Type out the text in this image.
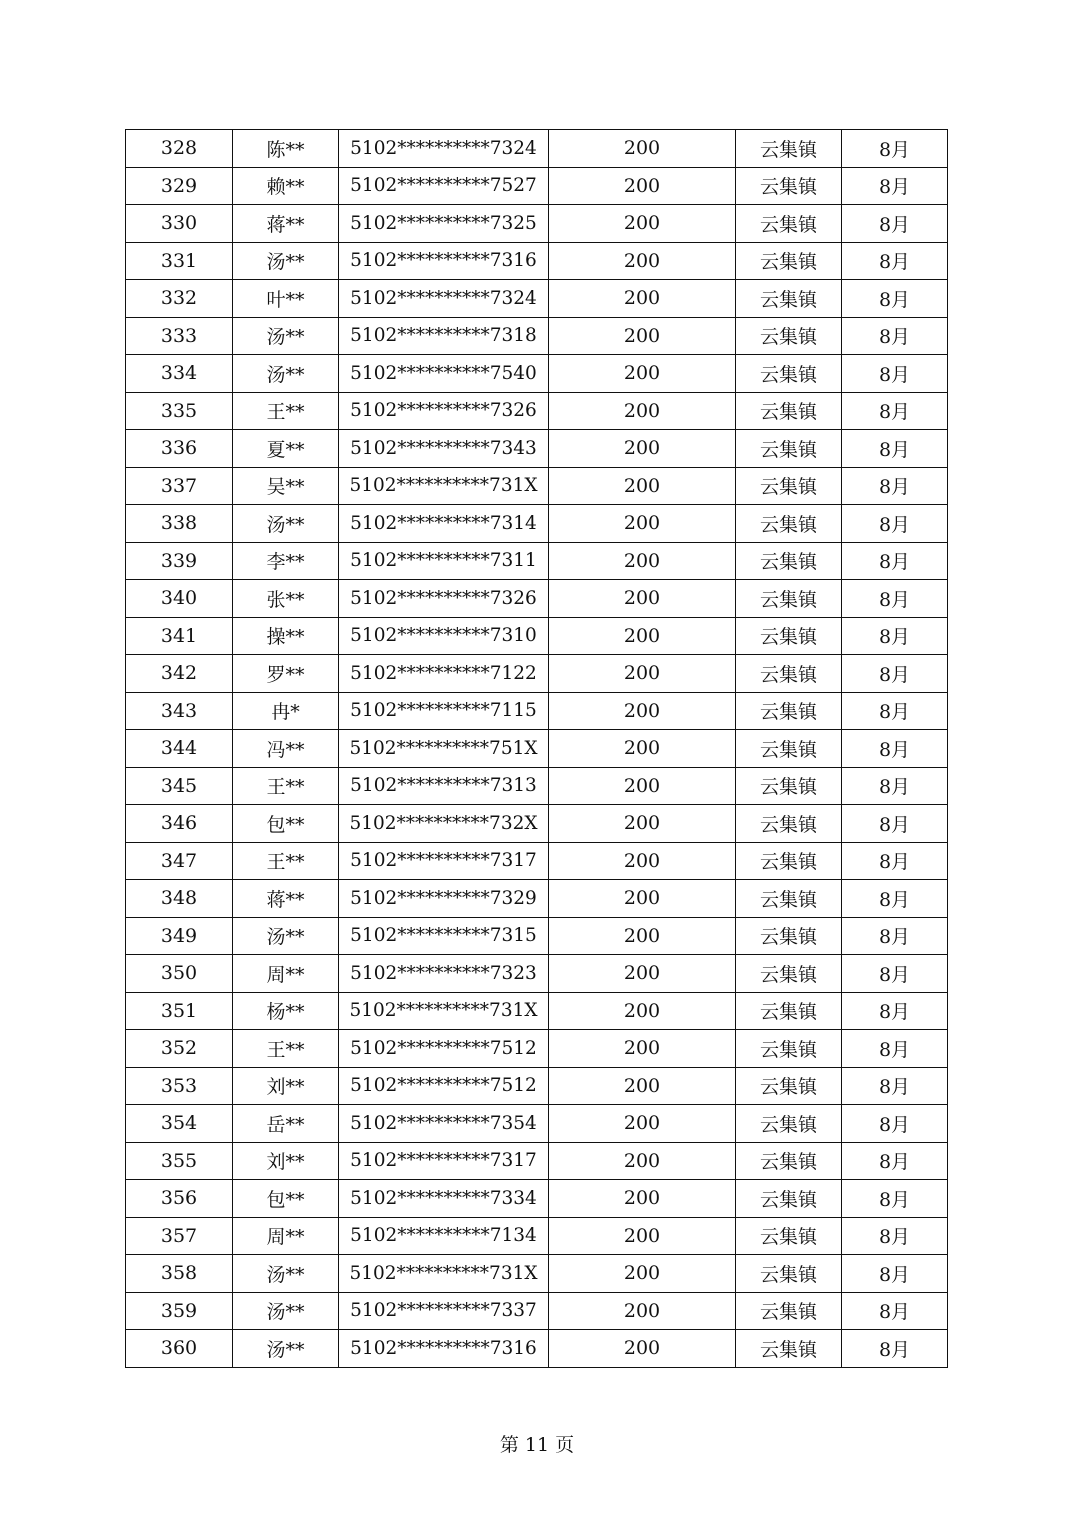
328	陈**	5102**********7324	200	云集镇	8月
329	赖**	5102**********7527	200	云集镇	8月
330	蒋**	5102**********7325	200	云集镇	8月
331	汤**	5102**********7316	200	云集镇	8月
332	叶**	5102**********7324	200	云集镇	8月
333	汤**	5102**********7318	200	云集镇	8月
334	汤**	5102**********7540	200	云集镇	8月
335	王**	5102**********7326	200	云集镇	8月
336	夏**	5102**********7343	200	云集镇	8月
337	吴**	5102**********731X	200	云集镇	8月
338	汤**	5102**********7314	200	云集镇	8月
339	李**	5102**********7311	200	云集镇	8月
340	张**	5102**********7326	200	云集镇	8月
341	操**	5102**********7310	200	云集镇	8月
342	罗**	5102**********7122	200	云集镇	8月
343	冉*	5102**********7115	200	云集镇	8月
344	冯**	5102**********751X	200	云集镇	8月
345	王**	5102**********7313	200	云集镇	8月
346	包**	5102**********732X	200	云集镇	8月
347	王**	5102**********7317	200	云集镇	8月
348	蒋**	5102**********7329	200	云集镇	8月
349	汤**	5102**********7315	200	云集镇	8月
350	周**	5102**********7323	200	云集镇	8月
351	杨**	5102**********731X	200	云集镇	8月
352	王**	5102**********7512	200	云集镇	8月
353	刘**	5102**********7512	200	云集镇	8月
354	岳**	5102**********7354	200	云集镇	8月
355	刘**	5102**********7317	200	云集镇	8月
356	包**	5102**********7334	200	云集镇	8月
357	周**	5102**********7134	200	云集镇	8月
358	汤**	5102**********731X	200	云集镇	8月
359	汤**	5102**********7337	200	云集镇	8月
360	汤**	5102**********7316	200	云集镇	8月
第 11 页
